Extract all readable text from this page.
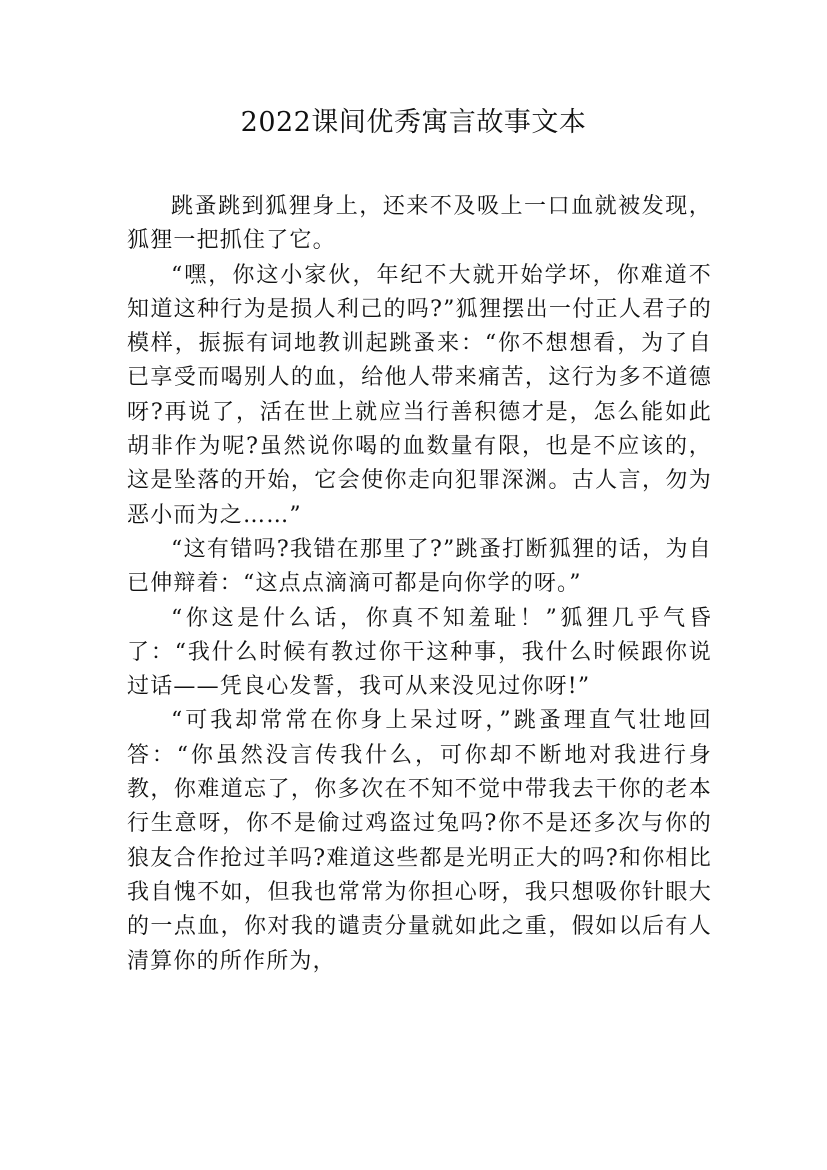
2022课间优秀寓言故事文本

跳蚤跳到狐狸身上，还来不及吸上一口血就被发现，狐狸一把抓住了它。

“嘿，你这小家伙，年纪不大就开始学坏，你难道不知道这种行为是损人利己的吗?”狐狸摆出一付正人君子的模样，振振有词地教训起跳蚤来：“你不想想看，为了自已享受而喝别人的血，给他人带来痛苦，这行为多不道德呀?再说了，活在世上就应当行善积德才是，怎么能如此胡非作为呢?虽然说你喝的血数量有限，也是不应该的，这是坠落的开始，它会使你走向犯罪深渊。古人言，勿为恶小而为之……”

“这有错吗?我错在那里了?”跳蚤打断狐狸的话，为自已伸辩着：“这点点滴滴可都是向你学的呀。”

“你这是什么话，你真不知羞耻！”狐狸几乎气昏了：“我什么时候有教过你干这种事，我什么时候跟你说过话——凭良心发誓，我可从来没见过你呀!”

“可我却常常在你身上呆过呀，”跳蚤理直气壮地回答：“你虽然没言传我什么，可你却不断地对我进行身教，你难道忘了，你多次在不知不觉中带我去干你的老本行生意呀，你不是偷过鸡盗过兔吗?你不是还多次与你的狼友合作抢过羊吗?难道这些都是光明正大的吗?和你相比我自愧不如，但我也常常为你担心呀，我只想吸你针眼大的一点血，你对我的谴责分量就如此之重，假如以后有人清算你的所作所为，
